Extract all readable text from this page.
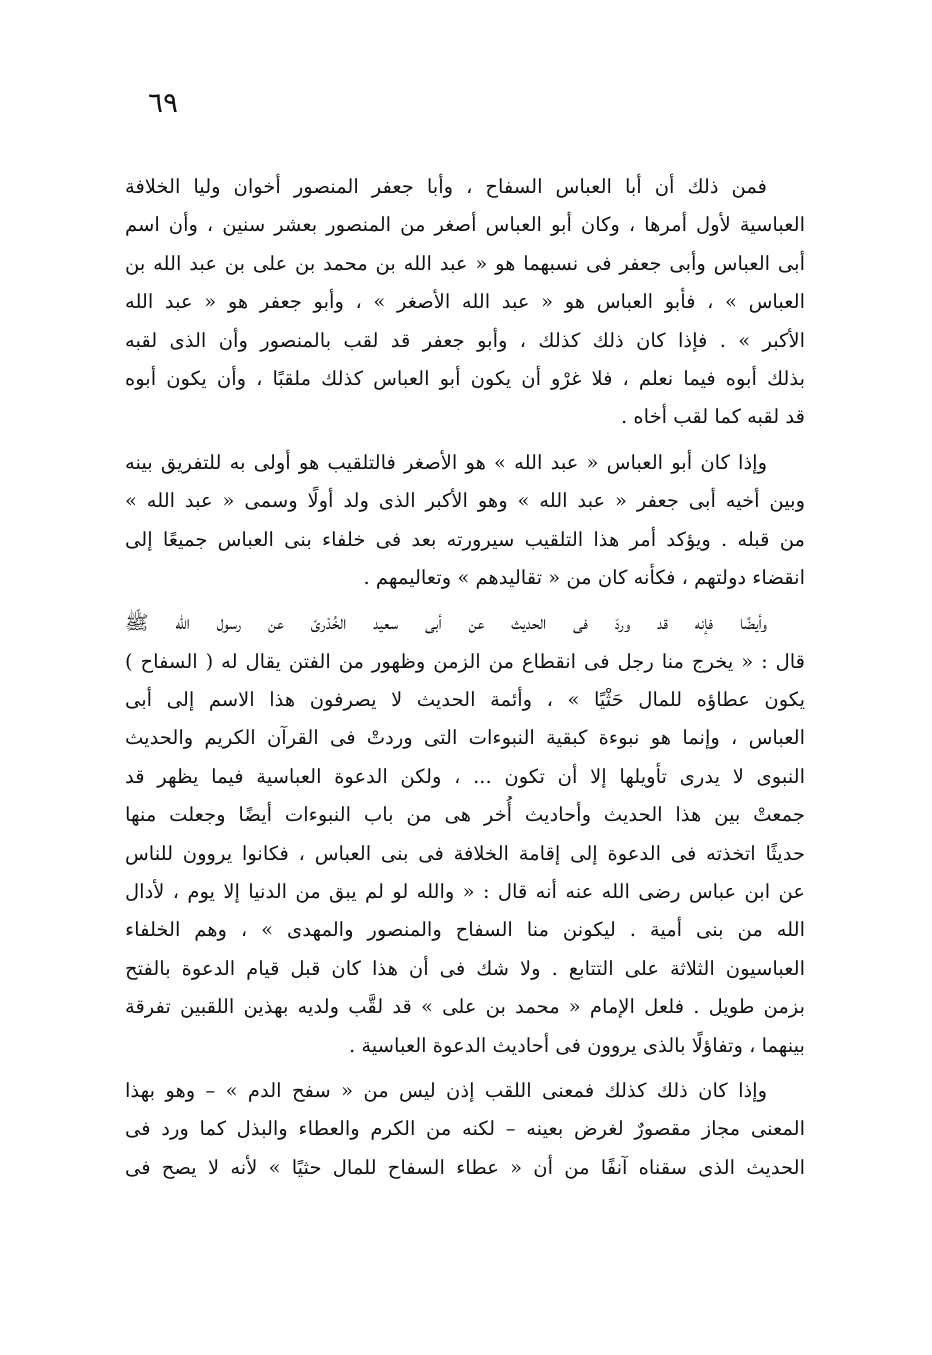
٦٩
فمن ذلك أن أبا العباس السفاح ، وأبا جعفر المنصور أخوان وليا الخلافة
العباسية لأول أمرها ، وكان أبو العباس أصغر من المنصور بعشر سنين ، وأن اسم
أبى العباس وأبى جعفر فى نسبهما هو « عبد الله بن محمد بن على بن عبد الله بن
العباس » ، فأبو العباس هو « عبد الله الأصغر » ، وأبو جعفر هو « عبد الله
الأكبر » . فإذا كان ذلك كذلك ، وأبو جعفر قد لقب بالمنصور وأن الذى لقبه
بذلك أبوه فيما نعلم ، فلا غرْو أن يكون أبو العباس كذلك ملقبًا ، وأن يكون أبوه
قد لقبه كما لقب أخاه .
وإذا كان أبو العباس « عبد الله » هو الأصغر فالتلقيب هو أولى به للتفريق بينه
وبين أخيه أبى جعفر « عبد الله » وهو الأكبر الذى ولد أولًا وسمى « عبد الله »
من قبله . ويؤكد أمر هذا التلقيب سيرورته بعد فى خلفاء بنى العباس جميعًا إلى
انقضاء دولتهم ، فكأنه كان من « تقاليدهم » وتعاليمهم .
وأيضًا فإنه قد وردَ فى الحديث عن أبى سعيد الخُدْرىّ عن رسول الله ﷺ
قال : « يخرج منا رجل فى انقطاع من الزمن وظهور من الفتن يقال له ( السفاح )
يكون عطاؤه للمال حَثْيًا » ، وأئمة الحديث لا يصرفون هذا الاسم إلى أبى
العباس ، وإنما هو نبوءة كبقية النبوءات التى وردتْ فى القرآن الكريم والحديث
النبوى لا يدرى تأويلها إلا أن تكون ... ، ولكن الدعوة العباسية فيما يظهر قد
جمعتْ بين هذا الحديث وأحاديث أُخر هى من باب النبوءات أيضًا وجعلت منها
حديثًا اتخذته فى الدعوة إلى إقامة الخلافة فى بنى العباس ، فكانوا يروون للناس
عن ابن عباس رضى الله عنه أنه قال : « والله لو لم يبق من الدنيا إلا يوم ، لأدال
الله من بنى أمية . ليكونن منا السفاح والمنصور والمهدى » ، وهم الخلفاء
العباسيون الثلاثة على التتابع . ولا شك فى أن هذا كان قبل قيام الدعوة بالفتح
بزمن طويل . فلعل الإمام « محمد بن على » قد لقَّب ولديه بهذين اللقبين تفرقة
بينهما ، وتفاؤلًا بالذى يروون فى أحاديث الدعوة العباسية .
وإذا كان ذلك كذلك فمعنى اللقب إذن ليس من « سفح الدم » – وهو بهذا
المعنى مجاز مقصورٌ لغرض بعينه – لكنه من الكرم والعطاء والبذل كما ورد فى
الحديث الذى سقناه آنفًا من أن « عطاء السفاح للمال حثيًا » لأنه لا يصح فى
